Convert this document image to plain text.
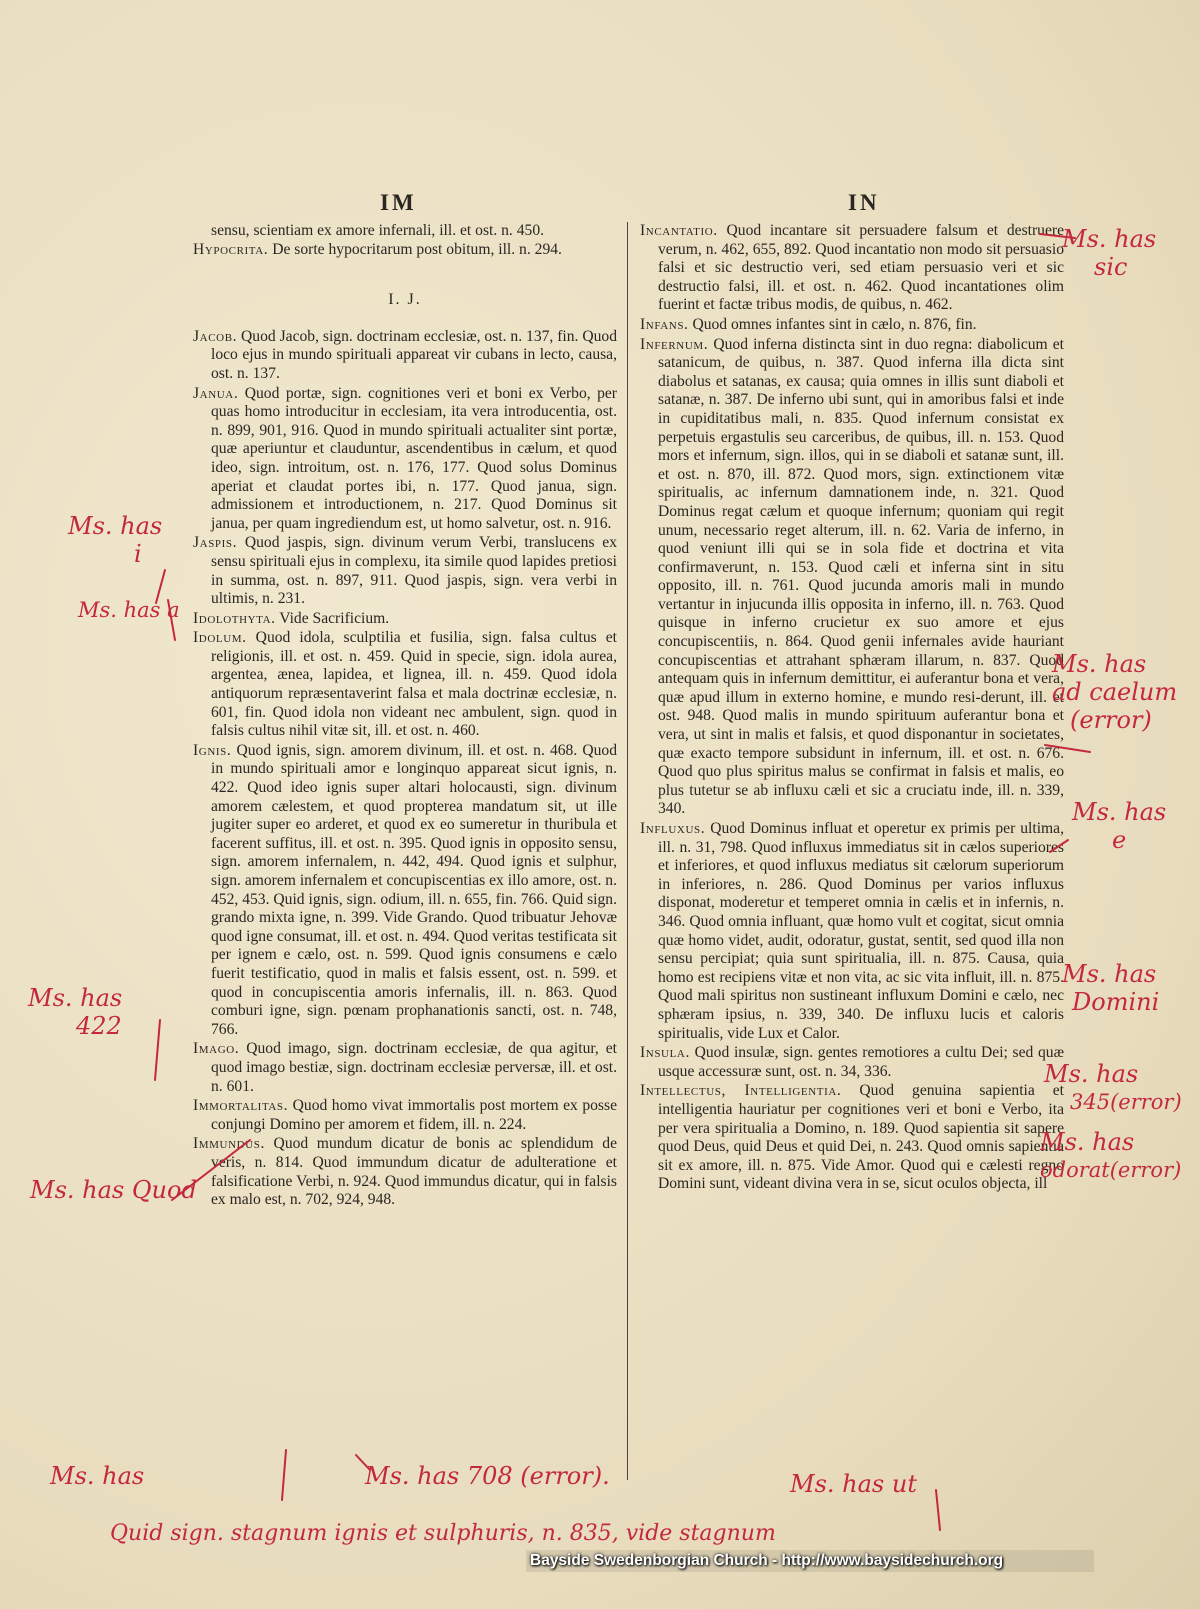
IM	IN

sensu, scientiam ex amore infernali, ill. et ost. n. 450.

Hypocrita. De sorte hypocritarum post obitum, ill. n. 294.

I. J.

Jacob. Quod Jacob, sign. doctrinam ecclesiæ, ost. n. 137, fin. Quod loco ejus in mundo spirituali appareat vir cubans in lecto, causa, ost. n. 137.

Janua. Quod portæ, sign. cognitiones veri et boni ex Verbo, per quas homo introducitur in ecclesiam, ita vera introducentia, ost. n. 899, 901, 916. Quod in mundo spirituali actualiter sint portæ, quæ aperiuntur et clauduntur, ascendentibus in cælum, et quod ideo, sign. introitum, ost. n. 176, 177. Quod solus Dominus aperiat et claudat portes ibi, n. 177. Quod janua, sign. admissionem et introductionem, n. 217. Quod Dominus sit janua, per quam ingrediendum est, ut homo salvetur, ost. n. 916.

Jaspis. Quod jaspis, sign. divinum verum Verbi, translucens ex sensu spirituali ejus in complexu, ita simile quod lapides pretiosi in summa, ost. n. 897, 911. Quod jaspis, sign. vera verbi in ultimis, n. 231.

Idolothyta. Vide Sacrificium.

Idolum. Quod idola, sculptilia et fusilia, sign. falsa cultus et religionis, ill. et ost. n. 459. Quid in specie, sign. idola aurea, argentea, ænea, lapidea, et lignea, ill. n. 459. Quod idola antiquorum repræsentaverint falsa et mala doctrinæ ecclesiæ, n. 601, fin. Quod idola non videant nec ambulent, sign. quod in falsis cultus nihil vitæ sit, ill. et ost. n. 460.

Ignis. Quod ignis, sign. amorem divinum, ill. et ost. n. 468. Quod in mundo spirituali amor e longinquo appareat sicut ignis, n. 422. Quod ideo ignis super altari holocausti, sign. divinum amorem cælestem, et quod propterea mandatum sit, ut ille jugiter super eo arderet, et quod ex eo sumeretur in thuribula et facerent suffitus, ill. et ost. n. 395. Quod ignis in opposito sensu, sign. amorem infernalem, n. 442, 494. Quod ignis et sulphur, sign. amorem infernalem et concupiscentias ex illo amore, ost. n. 452, 453. Quid ignis, sign. odium, ill. n. 655, fin. 766. Quid sign. grando mixta igne, n. 399. Vide Grando. Quod tribuatur Jehovæ quod igne consumat, ill. et ost. n. 494. Quod veritas testificata sit per ignem e cælo, ost. n. 599. Quod ignis consumens e cælo fuerit testificatio, quod in malis et falsis essent, ost. n. 599. et quod in concupiscentia amoris infernalis, ill. n. 863. Quod comburi igne, sign. pœnam prophanationis sancti, ost. n. 748, 766.

Imago. Quod imago, sign. doctrinam ecclesiæ, de qua agitur, et quod imago bestiæ, sign. doctrinam ecclesiæ perversæ, ill. et ost. n. 601.

Immortalitas. Quod homo vivat immortalis post mortem ex posse conjungi Domino per amorem et fidem, ill. n. 224.

Immundus. Quod mundum dicatur de bonis ac splendidum de veris, n. 814. Quod immundum dicatur de adulteratione et falsificatione Verbi, n. 924. Quod immundus dicatur, qui in falsis ex malo est, n. 702, 924, 948.

Incantatio. Quod incantare sit persuadere falsum et destruere verum, n. 462, 655, 892. Quod incantatio non modo sit persuasio falsi et sic destructio veri, sed etiam persuasio veri et sic destructio falsi, ill. et ost. n. 462. Quod incantationes olim fuerint et factæ tribus modis, de quibus, n. 462.

Infans. Quod omnes infantes sint in cælo, n. 876, fin.

Infernum. Quod inferna distincta sint in duo regna: diabolicum et satanicum, de quibus, n. 387. Quod inferna illa dicta sint diabolus et satanas, ex causa; quia omnes in illis sunt diaboli et satanæ, n. 387. De inferno ubi sunt, qui in amoribus falsi et inde in cupiditatibus mali, n. 835. Quod infernum consistat ex perpetuis ergastulis seu carceribus, de quibus, ill. n. 153. Quod mors et infernum, sign. illos, qui in se diaboli et satanæ sunt, ill. et ost. n. 870, ill. 872. Quod mors, sign. extinctionem vitæ spiritualis, ac infernum damnationem inde, n. 321. Quod Dominus regat cælum et quoque infernum; quoniam qui regit unum, necessario reget alterum, ill. n. 62. Varia de inferno, in quod veniunt illi qui se in sola fide et doctrina et vita confirmaverunt, n. 153. Quod cæli et inferna sint in situ opposito, ill. n. 761. Quod jucunda amoris mali in mundo vertantur in injucunda illis opposita in inferno, ill. n. 763. Quod quisque in inferno crucietur ex suo amore et ejus concupiscentiis, n. 864. Quod genii infernales avide hauriant concupiscentias et attrahant sphæram illarum, n. 837. Quod antequam quis in infernum demittitur, ei auferantur bona et vera, quæ apud illum in externo homine, e mundo resi-derunt, ill. et ost. 948. Quod malis in mundo spirituum auferantur bona et vera, ut sint in malis et falsis, et quod disponantur in societates, quæ exacto tempore subsidunt in infernum, ill. et ost. n. 676. Quod quo plus spiritus malus se confirmat in falsis et malis, eo plus tutetur se ab influxu cæli et sic a cruciatu inde, ill. n. 339, 340.

Influxus. Quod Dominus influat et operetur ex primis per ultima, ill. n. 31, 798. Quod influxus immediatus sit in cælos superiores et inferiores, et quod influxus mediatus sit cælorum superiorum in inferiores, n. 286. Quod Dominus per varios influxus disponat, moderetur et temperet omnia in cælis et in infernis, n. 346. Quod omnia influant, quæ homo vult et cogitat, sicut omnia quæ homo videt, audit, odoratur, gustat, sentit, sed quod illa non sensu percipiat; quia sunt spiritualia, ill. n. 875. Causa, quia homo est recipiens vitæ et non vita, ac sic vita influit, ill. n. 875. Quod mali spiritus non sustineant influxum Domini e cælo, nec sphæram ipsius, n. 339, 340. De influxu lucis et caloris spiritualis, vide Lux et Calor.

Insula. Quod insulæ, sign. gentes remotiores a cultu Dei; sed quæ usque accessuræ sunt, ost. n. 34, 336.

Intellectus, Intelligentia. Quod genuina sapientia et intelligentia hauriatur per cognitiones veri et boni e Verbo, ita per vera spiritualia a Domino, n. 189. Quod sapientia sit sapere quod Deus, quid Deus et quid Dei, n. 243. Quod omnis sapientia sit ex amore, ill. n. 875. Vide Amor. Quod qui e cælesti regno Domini sunt, videant divina vera in se, sicut oculos objecta, ill

Ms. has
sic
Ms. has
i
Ms. has a
Ms. has
ad caelum
(error)
Ms. has
e
Ms. has
422
Ms. has
Domini
Ms. has
345(error)
Ms. has
odorat(error)
Ms. has Quod
Ms. has 708 (error).
Ms. has
Quid sign. stagnum ignis et sulphuris, n. 835, vide stagnum
Ms. has ut
Bayside Swedenborgian Church - http://www.baysidechurch.org
